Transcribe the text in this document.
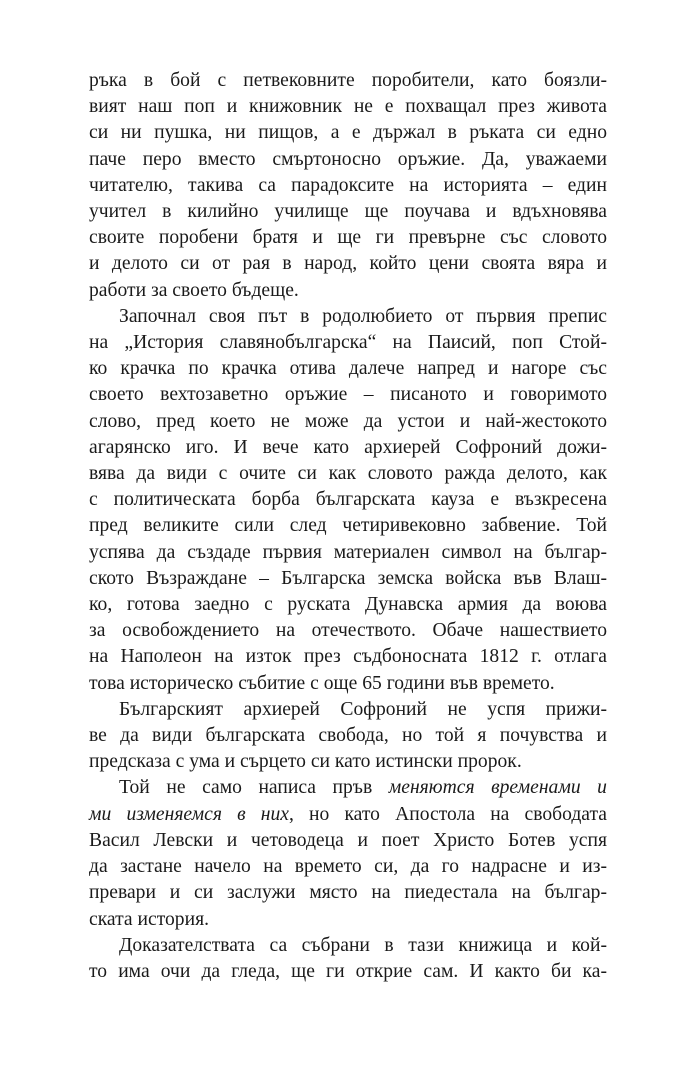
ръка в бой с петвековните поробители, като боязли-
вият наш поп и книжовник не е похващал през живота
си ни пушка, ни пищов, а е държал в ръката си едно
паче перо вместо смъртоносно оръжие. Да, уважаеми
читателю, такива са парадоксите на историята – един
учител в килийно училище ще поучава и вдъхновява
своите поробени братя и ще ги превърне със словото
и делото си от рая в народ, който цени своята вяра и
работи за своето бъдеще.

Започнал своя път в родолюбието от първия препис
на „История славянобългарска“ на Паисий, поп Стой-
ко крачка по крачка отива далече напред и нагоре със
своето вехтозаветно оръжие – писаното и говоримото
слово, пред което не може да устои и най-жестокото
агарянско иго. И вече като архиерей Софроний дожи-
вява да види с очите си как словото ражда делото, как
с политическата борба българската кауза е възкресена
пред великите сили след четиривековно забвение. Той
успява да създаде първия материален символ на българ-
ското Възраждане – Българска земска войска във Влаш-
ко, готова заедно с руската Дунавска армия да воюва
за освобождението на отечеството. Обаче нашествието
на Наполеон на изток през съдбоносната 1812 г. отлага
това историческо събитие с още 65 години във времето.

Българският архиерей Софроний не успя прижи-
ве да види българската свобода, но той я почувства и
предсказа с ума и сърцето си като истински пророк.

Той не само написа пръв меняются временами и
ми изменяемся в них, но като Апостола на свободата
Васил Левски и четоводеца и поет Христо Ботев успя
да застане начело на времето си, да го надрасне и из-
превари и си заслужи място на пиедестала на българ-
ската история.

Доказателствата са събрани в тази книжица и кой-
то има очи да гледа, ще ги открие сам. И както би ка-
